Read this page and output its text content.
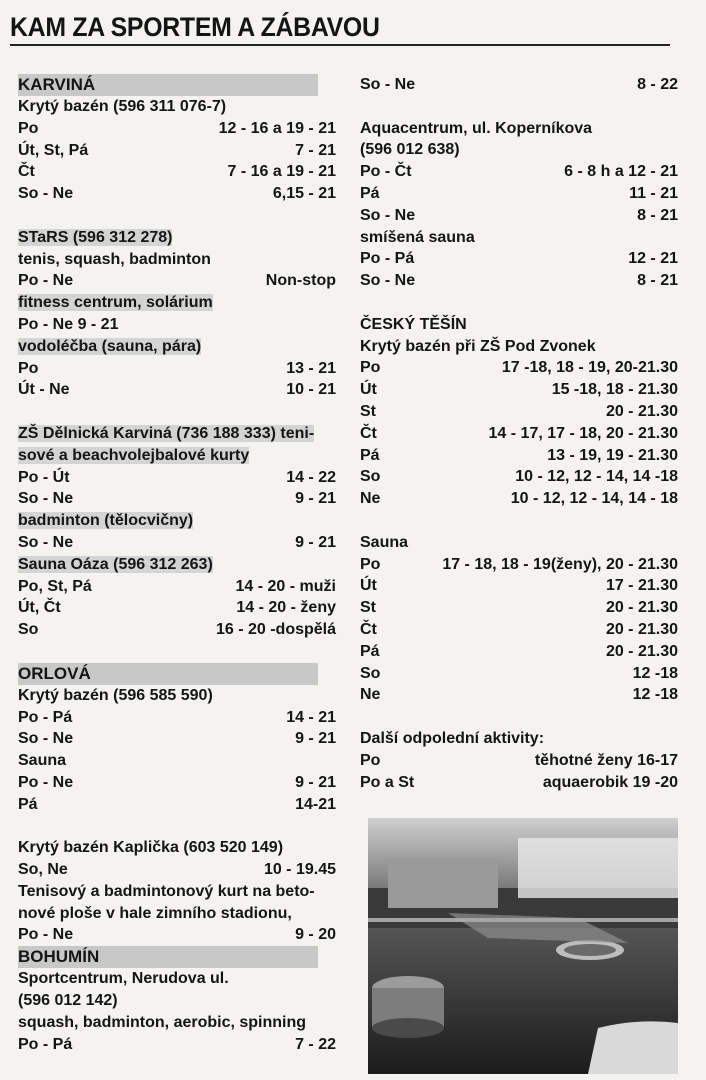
KAM ZA SPORTEM A ZÁBAVOU
KARVINÁ
Krytý bazén (596 311 076-7)
Po	12 - 16 a 19 - 21
Út, St, Pá	7 - 21
Čt	7 - 16 a 19 - 21
So - Ne	6,15 - 21
STaRS (596 312 278)
tenis, squash, badminton
Po - Ne	Non-stop
fitness centrum, solárium
Po - Ne 9 - 21
vodoléčba (sauna, pára)
Po	13 - 21
Út - Ne	10 - 21
ZŠ Dělnická Karviná (736 188 333) teni-
sové a beachvolejbalové kurty
Po - Út	14 - 22
So - Ne	9 - 21
badminton (tělocvičny)
So - Ne	9 - 21
Sauna Oáza (596 312 263)
Po, St, Pá	14 - 20 - muži
Út, Čt	14 - 20 - ženy
So	16 - 20 -dospělá
ORLOVÁ
Krytý bazén (596 585 590)
Po - Pá	14 - 21
So - Ne	9 - 21
Sauna
Po - Ne	9 - 21
Pá	14-21
Krytý bazén Kaplička (603 520 149)
So, Ne	10 - 19.45
Tenisový a badmintonový kurt na beto-
nové ploše v hale zimního stadionu,
Po - Ne	9 - 20
BOHUMÍN
Sportcentrum, Nerudova ul.
(596 012 142)
squash, badminton, aerobic, spinning
Po - Pá	7 - 22
So - Ne	8 - 22
Aquacentrum, ul. Koperníkova
(596 012 638)
Po - Čt	6 - 8 h a 12 - 21
Pá	11 - 21
So - Ne	8 - 21
smíšená sauna
Po - Pá	12 - 21
So - Ne	8 - 21
ČESKÝ TĚŠÍN
Krytý bazén při ZŠ Pod Zvonek
Po	17 -18, 18 - 19, 20-21.30
Út	15 -18, 18 - 21.30
St	20 - 21.30
Čt	14 - 17, 17 - 18, 20 - 21.30
Pá	13 - 19, 19 - 21.30
So	10 - 12, 12 - 14, 14 -18
Ne	10 - 12, 12 - 14, 14 - 18
Sauna
Po	17 - 18, 18 - 19(ženy), 20 - 21.30
Út	17 - 21.30
St	20 - 21.30
Čt	20 - 21.30
Pá	20 - 21.30
So	12 -18
Ne	12 -18
Další odpolední aktivity:
Po	těhotné ženy 16-17
Po a St	aquaerobik 19 -20
